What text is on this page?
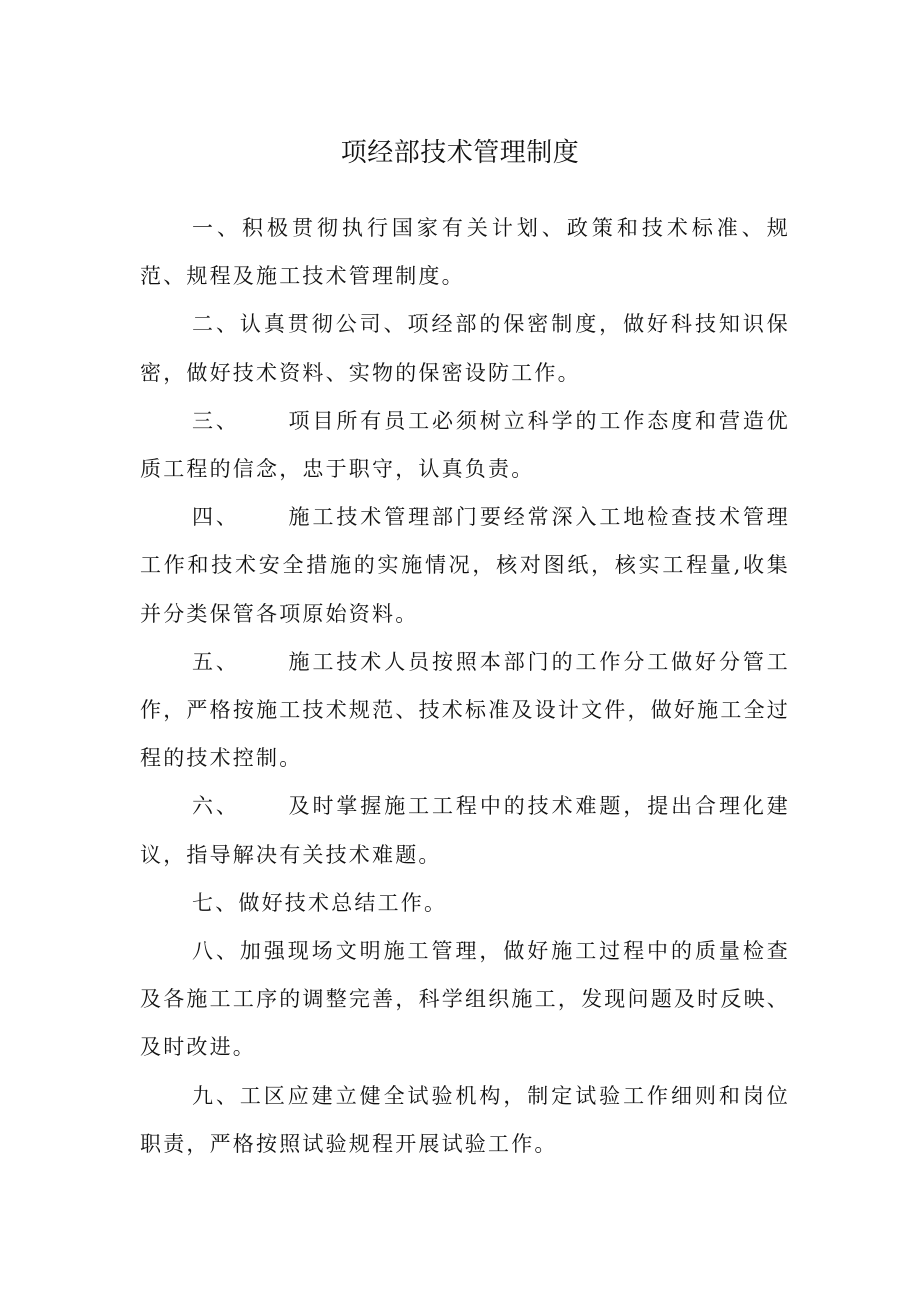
项经部技术管理制度

一、积极贯彻执行国家有关计划、政策和技术标准、规范、规程及施工技术管理制度。

二、认真贯彻公司、项经部的保密制度，做好科技知识保密，做好技术资料、实物的保密设防工作。

三、 项目所有员工必须树立科学的工作态度和营造优质工程的信念，忠于职守，认真负责。

四、 施工技术管理部门要经常深入工地检查技术管理工作和技术安全措施的实施情况，核对图纸，核实工程量,收集并分类保管各项原始资料。

五、 施工技术人员按照本部门的工作分工做好分管工作，严格按施工技术规范、技术标准及设计文件，做好施工全过程的技术控制。

六、 及时掌握施工工程中的技术难题，提出合理化建议，指导解决有关技术难题。

七、做好技术总结工作。

八、加强现场文明施工管理，做好施工过程中的质量检查及各施工工序的调整完善，科学组织施工，发现问题及时反映、及时改进。

九、工区应建立健全试验机构，制定试验工作细则和岗位职责，严格按照试验规程开展试验工作。
